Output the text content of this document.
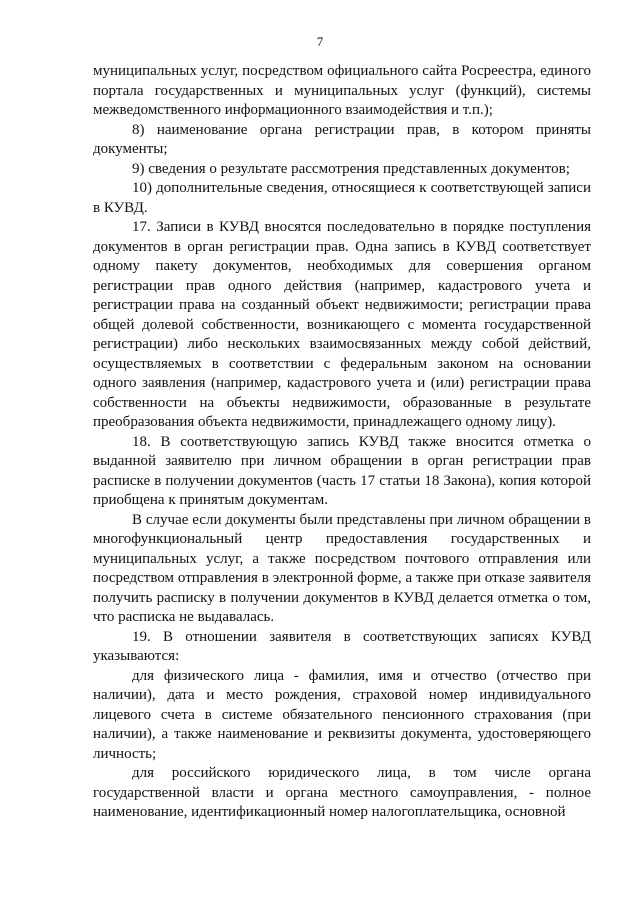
7

муниципальных услуг, посредством официального сайта Росреестра, единого портала государственных и муниципальных услуг (функций), системы межведомственного информационного взаимодействия и т.п.);

8) наименование органа регистрации прав, в котором приняты документы;

9) сведения о результате рассмотрения представленных документов;

10) дополнительные сведения, относящиеся к соответствующей записи в КУВД.

17. Записи в КУВД вносятся последовательно в порядке поступления документов в орган регистрации прав. Одна запись в КУВД соответствует одному пакету документов, необходимых для совершения органом регистрации прав одного действия (например, кадастрового учета и регистрации права на созданный объект недвижимости; регистрации права общей долевой собственности, возникающего с момента государственной регистрации) либо нескольких взаимосвязанных между собой действий, осуществляемых в соответствии с федеральным законом на основании одного заявления (например, кадастрового учета и (или) регистрации права собственности на объекты недвижимости, образованные в результате преобразования объекта недвижимости, принадлежащего одному лицу).

18. В соответствующую запись КУВД также вносится отметка о выданной заявителю при личном обращении в орган регистрации прав расписке в получении документов (часть 17 статьи 18 Закона), копия которой приобщена к принятым документам.

В случае если документы были представлены при личном обращении в многофункциональный центр предоставления государственных и муниципальных услуг, а также посредством почтового отправления или посредством отправления в электронной форме, а также при отказе заявителя получить расписку в получении документов в КУВД делается отметка о том, что расписка не выдавалась.

19. В отношении заявителя в соответствующих записях КУВД указываются:

для физического лица - фамилия, имя и отчество (отчество при наличии), дата и место рождения, страховой номер индивидуального лицевого счета в системе обязательного пенсионного страхования (при наличии), а также наименование и реквизиты документа, удостоверяющего личность;

для российского юридического лица, в том числе органа государственной власти и органа местного самоуправления, - полное наименование, идентификационный номер налогоплательщика, основной
